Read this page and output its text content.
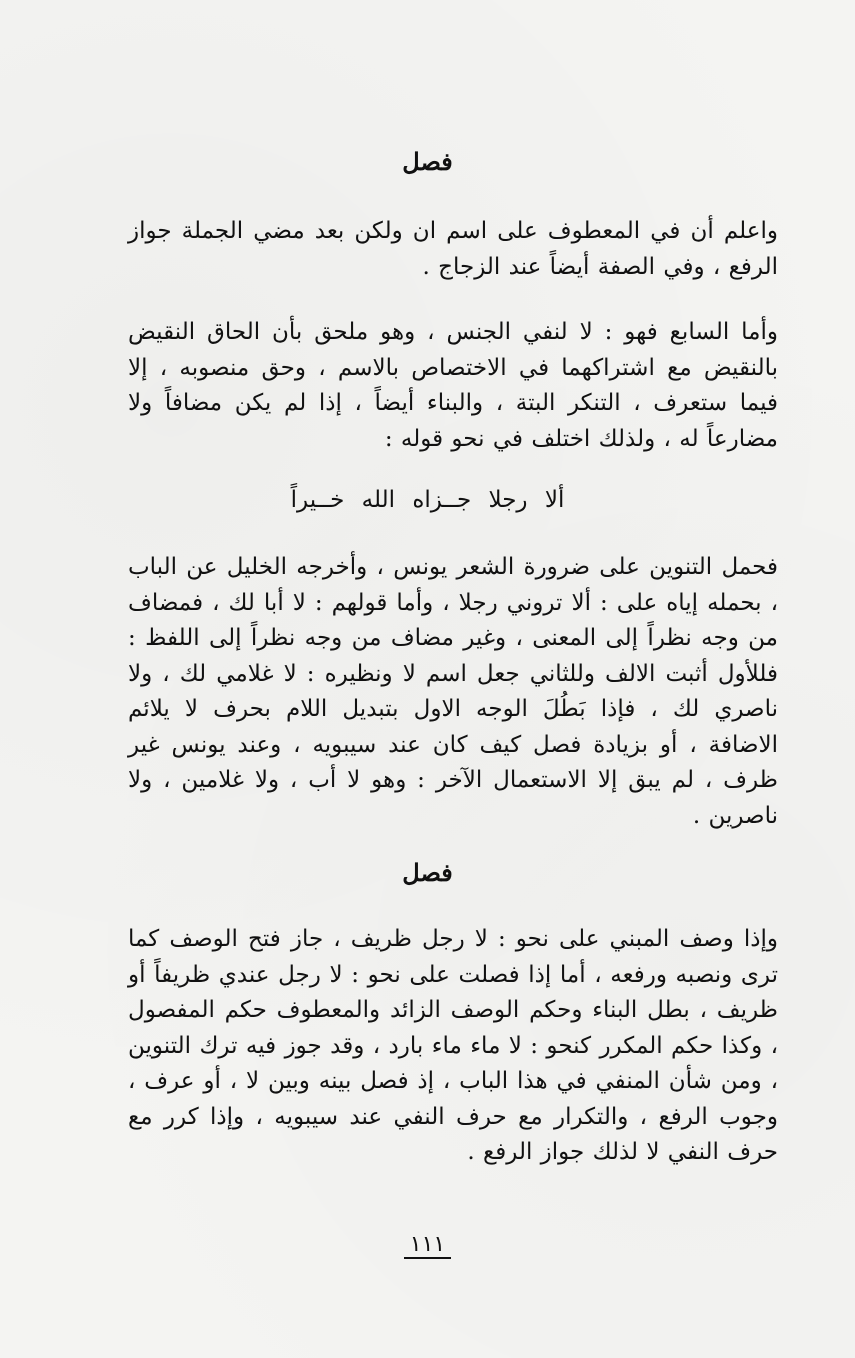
فصل
واعلم أن في المعطوف على اسم ان ولكن بعد مضي الجملة جواز الرفع ، وفي الصفة أيضاً عند الزجاج .
وأما السابع فهو : لا لنفي الجنس ، وهو ملحق بأن الحاق النقيض بالنقيض مع اشتراكهما في الاختصاص بالاسم ، وحق منصوبه ، إلا فيما ستعرف ، التنكر البتة ، والبناء أيضاً ، إذا لم يكن مضافاً ولا مضارعاً له ، ولذلك اختلف في نحو قوله :
ألا رجلا جــزاه الله خــيراً
فحمل التنوين على ضرورة الشعر يونس ، وأخرجه الخليل عن الباب ، بحمله إياه على : ألا تروني رجلا ، وأما قولهم : لا أبا لك ، فمضاف من وجه نظراً إلى المعنى ، وغير مضاف من وجه نظراً إلى اللفظ : فللأول أثبت الالف وللثاني جعل اسم لا ونظيره : لا غلامي لك ، ولا ناصري لك ، فإذا بَطُلَ الوجه الاول بتبديل اللام بحرف لا يلائم الاضافة ، أو بزيادة فصل كيف كان عند سيبويه ، وعند يونس غير ظرف ، لم يبق إلا الاستعمال الآخر : وهو لا أب ، ولا غلامين ، ولا ناصرين .
فصل
وإذا وصف المبني على نحو : لا رجل ظريف ، جاز فتح الوصف كما ترى ونصبه ورفعه ، أما إذا فصلت على نحو : لا رجل عندي ظريفاً أو ظريف ، بطل البناء وحكم الوصف الزائد والمعطوف حكم المفصول ، وكذا حكم المكرر كنحو : لا ماء ماء بارد ، وقد جوز فيه ترك التنوين ، ومن شأن المنفي في هذا الباب ، إذ فصل بينه وبين لا ، أو عرف ، وجوب الرفع ، والتكرار مع حرف النفي عند سيبويه ، وإذا كرر مع حرف النفي لا لذلك جواز الرفع .
١١١
